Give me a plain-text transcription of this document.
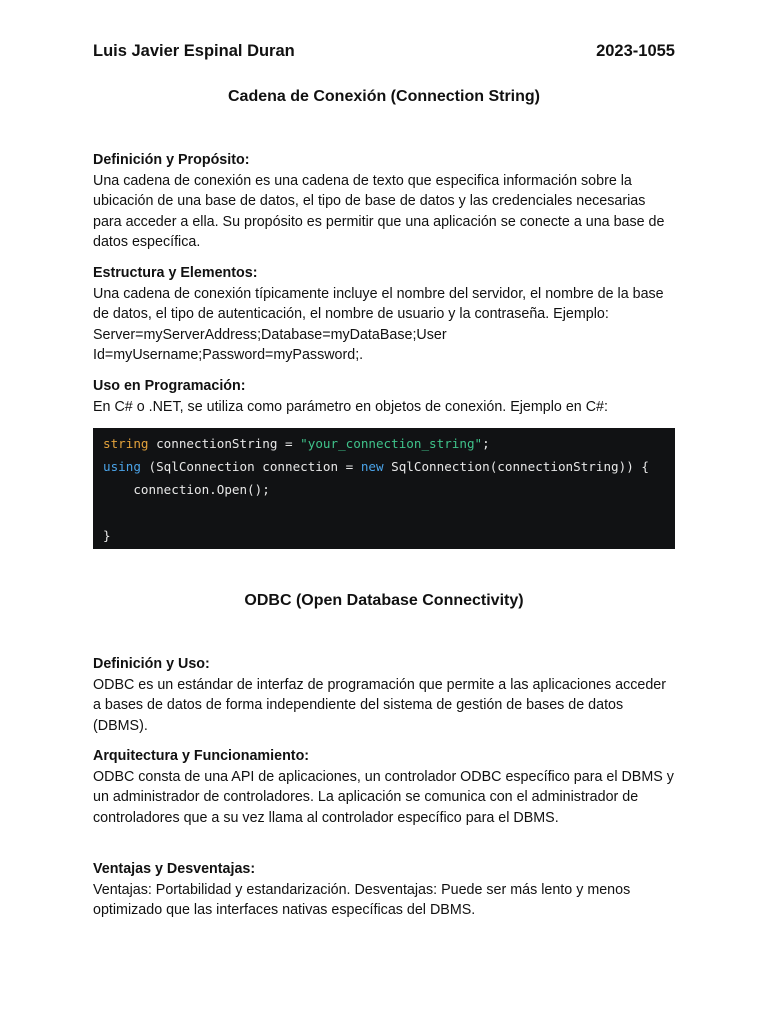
Luis Javier Espinal Duran	2023-1055
Cadena de Conexión (Connection String)
Definición y Propósito:
Una cadena de conexión es una cadena de texto que especifica información sobre la ubicación de una base de datos, el tipo de base de datos y las credenciales necesarias para acceder a ella. Su propósito es permitir que una aplicación se conecte a una base de datos específica.
Estructura y Elementos:
Una cadena de conexión típicamente incluye el nombre del servidor, el nombre de la base de datos, el tipo de autenticación, el nombre de usuario y la contraseña. Ejemplo: Server=myServerAddress;Database=myDataBase;User Id=myUsername;Password=myPassword;.
Uso en Programación:
En C# o .NET, se utiliza como parámetro en objetos de conexión. Ejemplo en C#:
string connectionString = "your_connection_string";
using (SqlConnection connection = new SqlConnection(connectionString)) {
connection.Open();

}
ODBC (Open Database Connectivity)
Definición y Uso:
ODBC es un estándar de interfaz de programación que permite a las aplicaciones acceder a bases de datos de forma independiente del sistema de gestión de bases de datos (DBMS).
Arquitectura y Funcionamiento:
ODBC consta de una API de aplicaciones, un controlador ODBC específico para el DBMS y un administrador de controladores. La aplicación se comunica con el administrador de controladores que a su vez llama al controlador específico para el DBMS.
Ventajas y Desventajas:
Ventajas: Portabilidad y estandarización. Desventajas: Puede ser más lento y menos optimizado que las interfaces nativas específicas del DBMS.
